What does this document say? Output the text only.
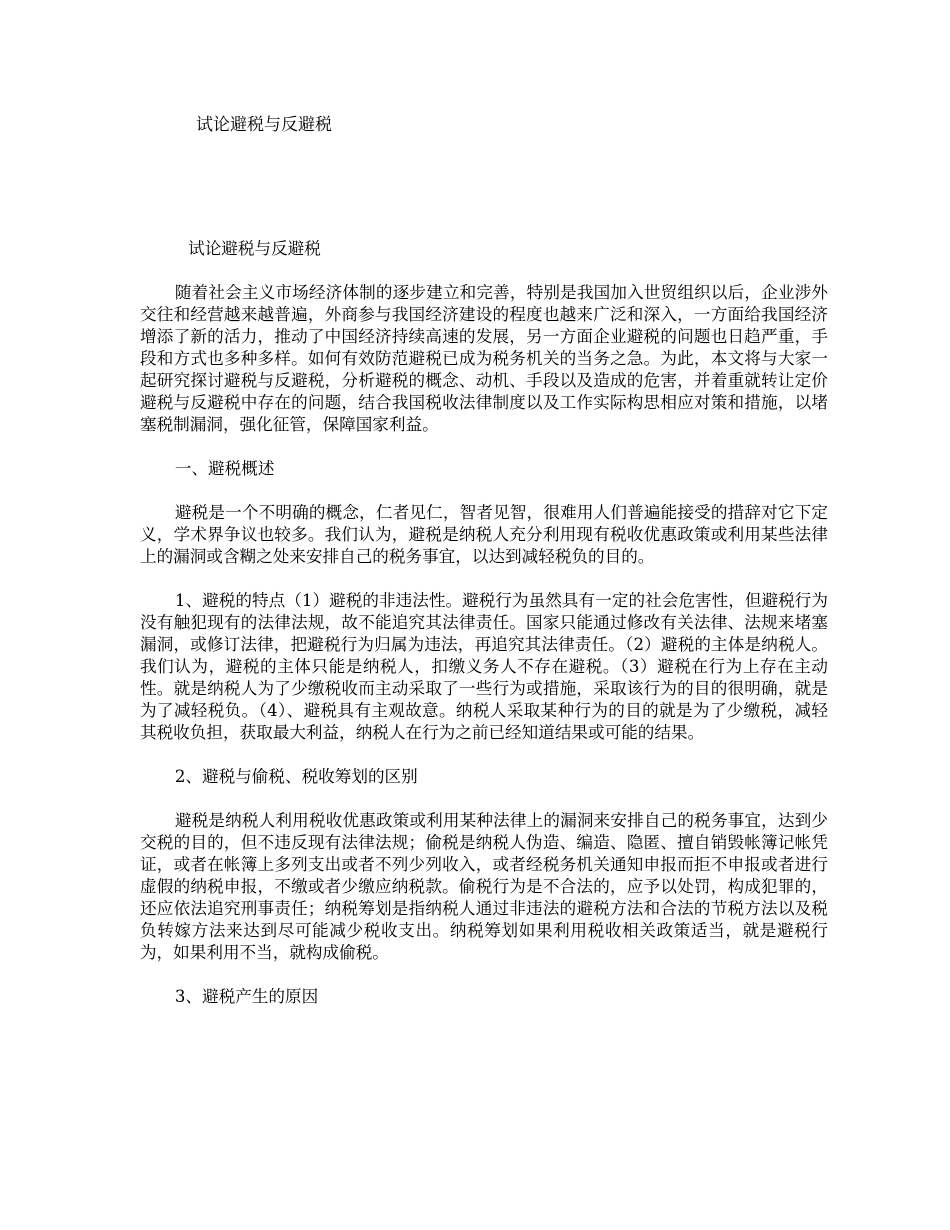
试论避税与反避税

试论避税与反避税

随着社会主义市场经济体制的逐步建立和完善，特别是我国加入世贸组织以后，企业涉外交往和经营越来越普遍，外商参与我国经济建设的程度也越来广泛和深入，一方面给我国经济增添了新的活力，推动了中国经济持续高速的发展，另一方面企业避税的问题也日趋严重，手段和方式也多种多样。如何有效防范避税已成为税务机关的当务之急。为此，本文将与大家一起研究探讨避税与反避税，分析避税的概念、动机、手段以及造成的危害，并着重就转让定价避税与反避税中存在的问题，结合我国税收法律制度以及工作实际构思相应对策和措施，以堵塞税制漏洞，强化征管，保障国家利益。

一、避税概述

避税是一个不明确的概念，仁者见仁，智者见智，很难用人们普遍能接受的措辞对它下定义，学术界争议也较多。我们认为，避税是纳税人充分利用现有税收优惠政策或利用某些法律上的漏洞或含糊之处来安排自己的税务事宜，以达到减轻税负的目的。

1、避税的特点（1）避税的非违法性。避税行为虽然具有一定的社会危害性，但避税行为没有触犯现有的法律法规，故不能追究其法律责任。国家只能通过修改有关法律、法规来堵塞漏洞，或修订法律，把避税行为归属为违法，再追究其法律责任。（2）避税的主体是纳税人。我们认为，避税的主体只能是纳税人，扣缴义务人不存在避税。（3）避税在行为上存在主动性。就是纳税人为了少缴税收而主动采取了一些行为或措施，采取该行为的目的很明确，就是为了减轻税负。（4）、避税具有主观故意。纳税人采取某种行为的目的就是为了少缴税，减轻其税收负担，获取最大利益，纳税人在行为之前已经知道结果或可能的结果。

2、避税与偷税、税收筹划的区别

避税是纳税人利用税收优惠政策或利用某种法律上的漏洞来安排自己的税务事宜，达到少交税的目的，但不违反现有法律法规；偷税是纳税人伪造、编造、隐匿、擅自销毁帐簿记帐凭证，或者在帐簿上多列支出或者不列少列收入，或者经税务机关通知申报而拒不申报或者进行虚假的纳税申报，不缴或者少缴应纳税款。偷税行为是不合法的，应予以处罚，构成犯罪的，还应依法追究刑事责任；纳税筹划是指纳税人通过非违法的避税方法和合法的节税方法以及税负转嫁方法来达到尽可能减少税收支出。纳税筹划如果利用税收相关政策适当，就是避税行为，如果利用不当，就构成偷税。

3、避税产生的原因
